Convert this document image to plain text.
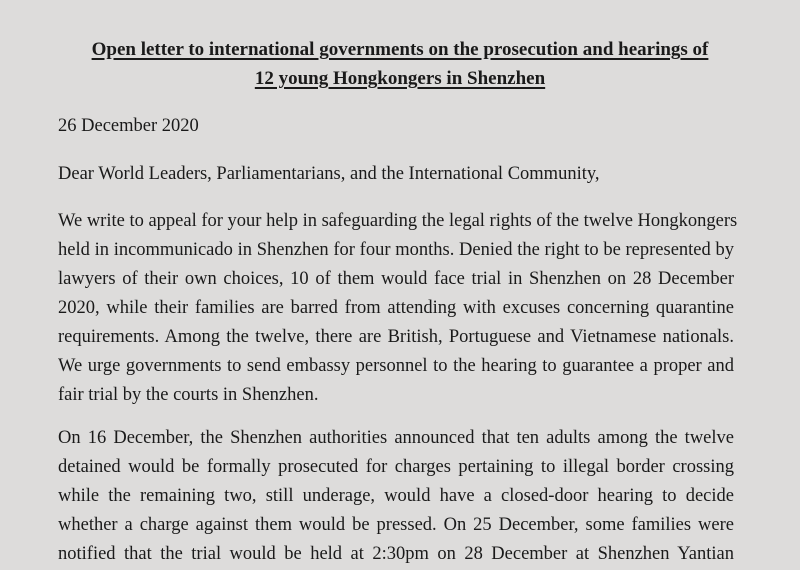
Open letter to international governments on the prosecution and hearings of
12 young Hongkongers in Shenzhen
26 December 2020
Dear World Leaders, Parliamentarians, and the International Community,
We write to appeal for your help in safeguarding the legal rights of the twelve Hongkongers
held in incommunicado in Shenzhen for four months. Denied the right to be represented by
lawyers of their own choices, 10 of them would face trial in Shenzhen on 28 December
2020, while their families are barred from attending with excuses concerning quarantine
requirements. Among the twelve, there are British, Portuguese and Vietnamese nationals.
We urge governments to send embassy personnel to the hearing to guarantee a proper and
fair trial by the courts in Shenzhen.
On 16 December, the Shenzhen authorities announced that ten adults among the twelve
detained would be formally prosecuted for charges pertaining to illegal border crossing
while the remaining two, still underage, would have a closed-door hearing to decide
whether a charge against them would be pressed. On 25 December, some families were
notified that the trial would be held at 2:30pm on 28 December at Shenzhen Yantian
